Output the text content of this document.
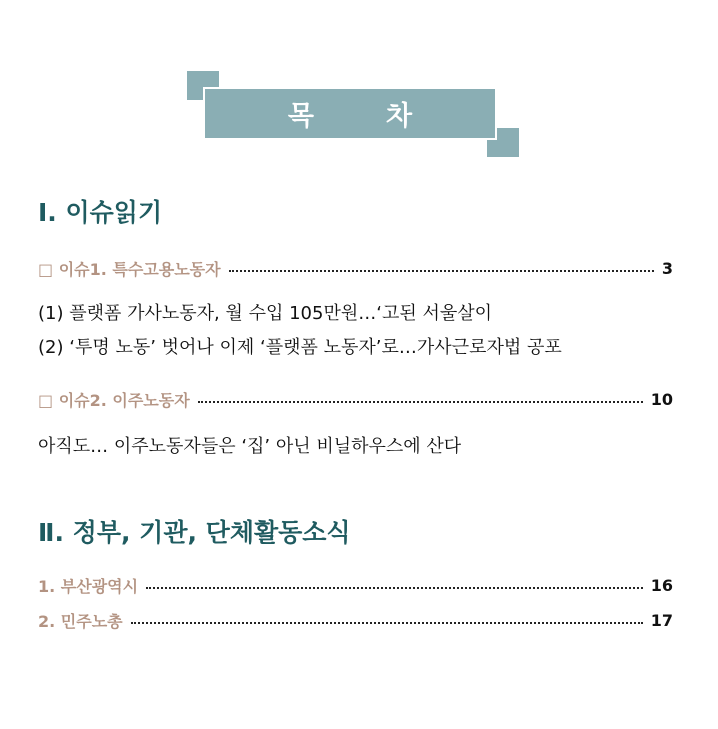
목차
Ⅰ. 이슈읽기
□ 이슈1. 특수고용노동자	3
(1) 플랫폼 가사노동자, 월 수입 105만원…‘고된 서울살이
(2) ‘투명 노동’ 벗어나 이제 ‘플랫폼 노동자’로…가사근로자법 공포
□ 이슈2. 이주노동자	10
아직도… 이주노동자들은 ‘집’ 아닌 비닐하우스에 산다
Ⅱ. 정부, 기관, 단체활동소식
1. 부산광역시	16
2. 민주노총	17
